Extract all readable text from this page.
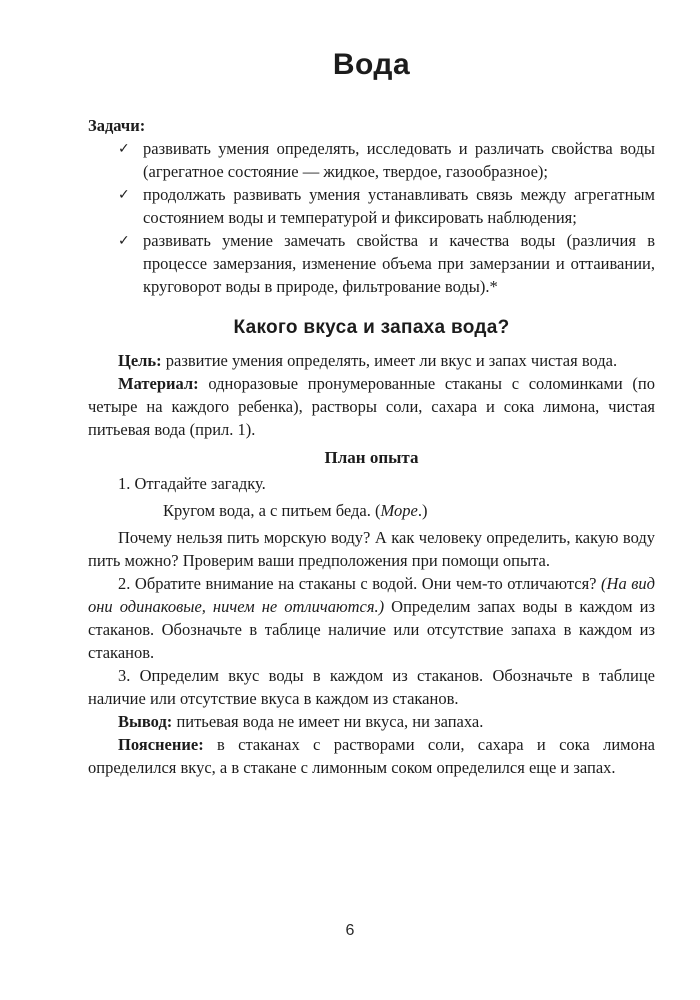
Вода

Задачи:

✓ развивать умения определять, исследовать и различать свойства воды (агрегатное состояние — жидкое, твердое, газообразное);
✓ продолжать развивать умения устанавливать связь между агрегатным состоянием воды и температурой и фиксировать наблюдения;
✓ развивать умение замечать свойства и качества воды (различия в процессе замерзания, изменение объема при замерзании и оттаивании, круговорот воды в природе, фильтрование воды).*
Какого вкуса и запаха вода?

Цель: развитие умения определять, имеет ли вкус и запах чистая вода.

Материал: одноразовые пронумерованные стаканы с соломинками (по четыре на каждого ребенка), растворы соли, сахара и сока лимона, чистая питьевая вода (прил. 1).

План опыта

1. Отгадайте загадку.

Кругом вода, а с питьем беда. (Море.)

Почему нельзя пить морскую воду? А как человеку определить, какую воду пить можно? Проверим ваши предположения при помощи опыта.

2. Обратите внимание на стаканы с водой. Они чем-то отличаются? (На вид они одинаковые, ничем не отличаются.) Определим запах воды в каждом из стаканов. Обозначьте в таблице наличие или отсутствие запаха в каждом из стаканов.

3. Определим вкус воды в каждом из стаканов. Обозначьте в таблице наличие или отсутствие вкуса в каждом из стаканов.

Вывод: питьевая вода не имеет ни вкуса, ни запаха.

Пояснение: в стаканах с растворами соли, сахара и сока лимона определился вкус, а в стакане с лимонным соком определился еще и запах.

6
